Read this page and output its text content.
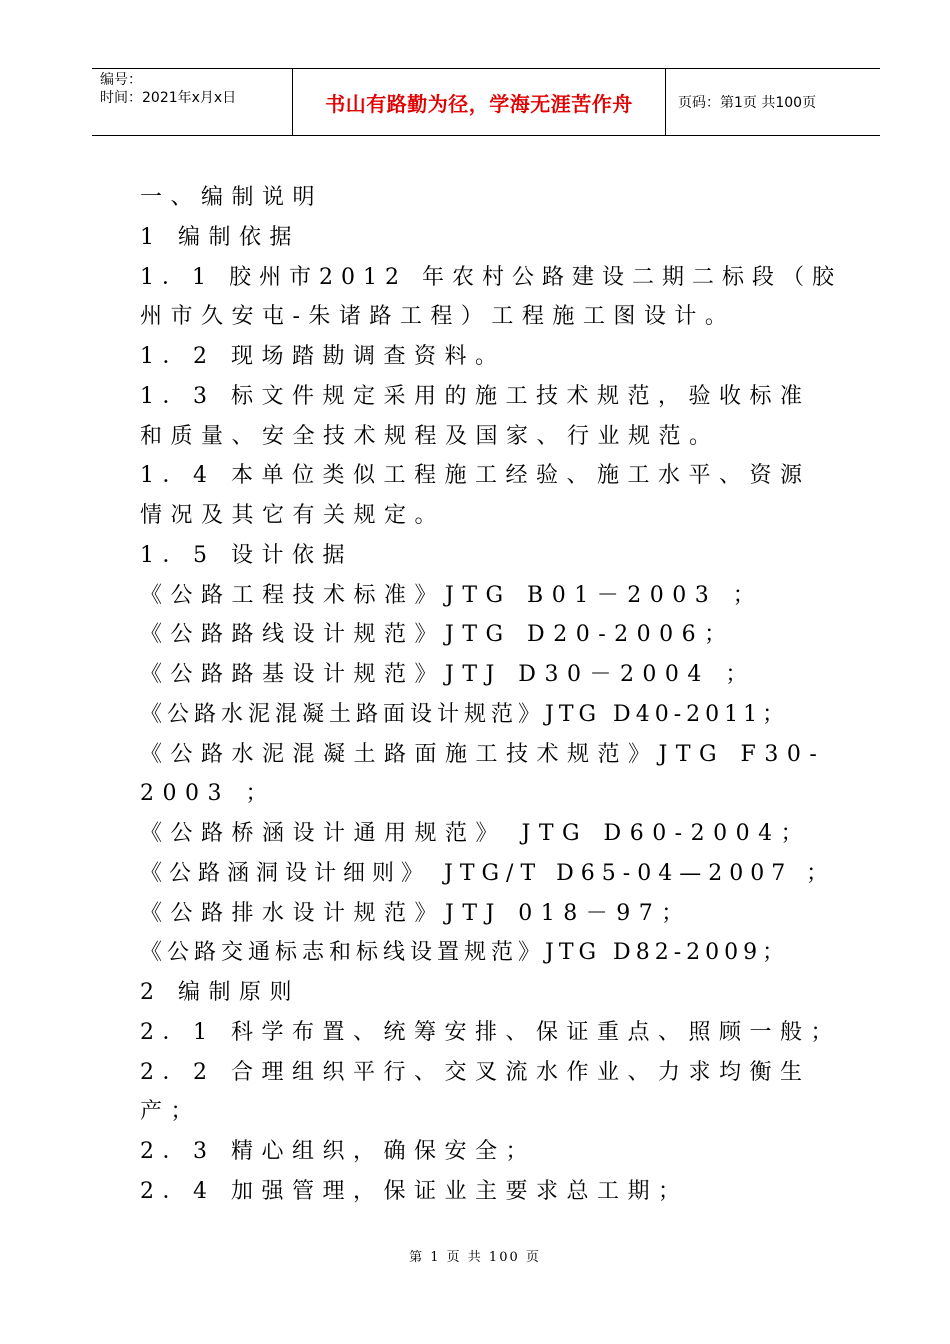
编号：
时间：2021年x月x日	书山有路勤为径，学海无涯苦作舟	页码：第1页 共100页
一、编制说明
1 编制依据
1．1 胶州市2012 年农村公路建设二期二标段（胶
州市久安屯-朱诸路工程）工程施工图设计。
1．2 现场踏勘调查资料。
1．3 标文件规定采用的施工技术规范，验收标准
和质量、安全技术规程及国家、行业规范。
1．4 本单位类似工程施工经验、施工水平、资源
情况及其它有关规定。
1．5 设计依据
《公路工程技术标准》JTG B01－2003 ；
《公路路线设计规范》JTG D20-2006；
《公路路基设计规范》JTJ D30－2004 ；
《公路水泥混凝土路面设计规范》JTG D40-2011；
《公路水泥混凝土路面施工技术规范》JTG F30-
2003 ；
《公路桥涵设计通用规范》 JTG D60-2004；
《公路涵洞设计细则》 JTG/T D65-04—2007 ；
《公路排水设计规范》JTJ 018－97；
《公路交通标志和标线设置规范》JTG D82-2009；
2 编制原则
2．1 科学布置、统筹安排、保证重点、照顾一般；
2．2 合理组织平行、交叉流水作业、力求均衡生
产；
2．3 精心组织，确保安全；
2．4 加强管理，保证业主要求总工期；
第 1 页 共 100 页
